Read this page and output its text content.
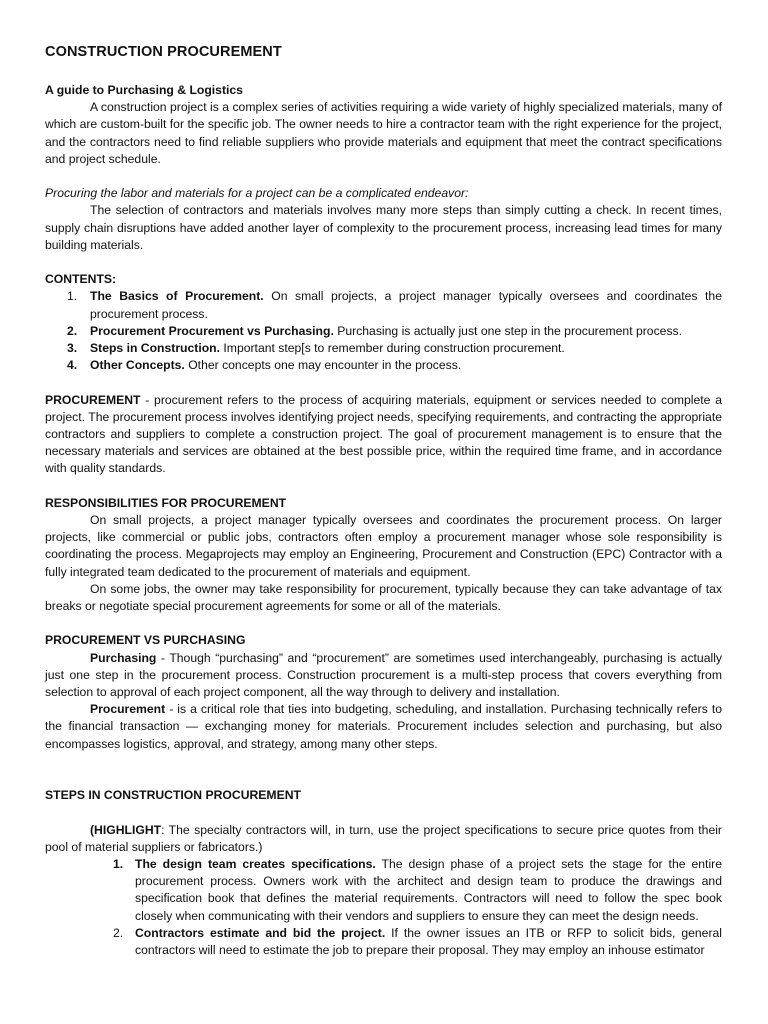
CONSTRUCTION PROCUREMENT
A guide to Purchasing & Logistics

A construction project is a complex series of activities requiring a wide variety of highly specialized materials, many of which are custom-built for the specific job. The owner needs to hire a contractor team with the right experience for the project, and the contractors need to find reliable suppliers who provide materials and equipment that meet the contract specifications and project schedule.

Procuring the labor and materials for a project can be a complicated endeavor:

The selection of contractors and materials involves many more steps than simply cutting a check. In recent times, supply chain disruptions have added another layer of complexity to the procurement process, increasing lead times for many building materials.

CONTENTS:
1.	The Basics of Procurement. On small projects, a project manager typically oversees and coordinates the procurement process.
2.	Procurement Procurement vs Purchasing. Purchasing is actually just one step in the procurement process.
3.	Steps in Construction. Important step[s to remember during construction procurement.
4.	Other Concepts. Other concepts one may encounter in the process.

PROCUREMENT - procurement refers to the process of acquiring materials, equipment or services needed to complete a project. The procurement process involves identifying project needs, specifying requirements, and contracting the appropriate contractors and suppliers to complete a construction project. The goal of procurement management is to ensure that the necessary materials and services are obtained at the best possible price, within the required time frame, and in accordance with quality standards.

RESPONSIBILITIES FOR PROCUREMENT

On small projects, a project manager typically oversees and coordinates the procurement process. On larger projects, like commercial or public jobs, contractors often employ a procurement manager whose sole responsibility is coordinating the process. Megaprojects may employ an Engineering, Procurement and Construction (EPC) Contractor with a fully integrated team dedicated to the procurement of materials and equipment.

On some jobs, the owner may take responsibility for procurement, typically because they can take advantage of tax breaks or negotiate special procurement agreements for some or all of the materials.

PROCUREMENT VS PURCHASING

Purchasing - Though “purchasing” and “procurement” are sometimes used interchangeably, purchasing is actually just one step in the procurement process. Construction procurement is a multi-step process that covers everything from selection to approval of each project component, all the way through to delivery and installation.

Procurement - is a critical role that ties into budgeting, scheduling, and installation. Purchasing technically refers to the financial transaction — exchanging money for materials. Procurement includes selection and purchasing, but also encompasses logistics, approval, and strategy, among many other steps.

STEPS IN CONSTRUCTION PROCUREMENT

(HIGHLIGHT: The specialty contractors will, in turn, use the project specifications to secure price quotes from their pool of material suppliers or fabricators.)

1. The design team creates specifications. The design phase of a project sets the stage for the entire procurement process. Owners work with the architect and design team to produce the drawings and specification book that defines the material requirements. Contractors will need to follow the spec book closely when communicating with their vendors and suppliers to ensure they can meet the design needs.
2. Contractors estimate and bid the project. If the owner issues an ITB or RFP to solicit bids, general contractors will need to estimate the job to prepare their proposal. They may employ an inhouse estimator
